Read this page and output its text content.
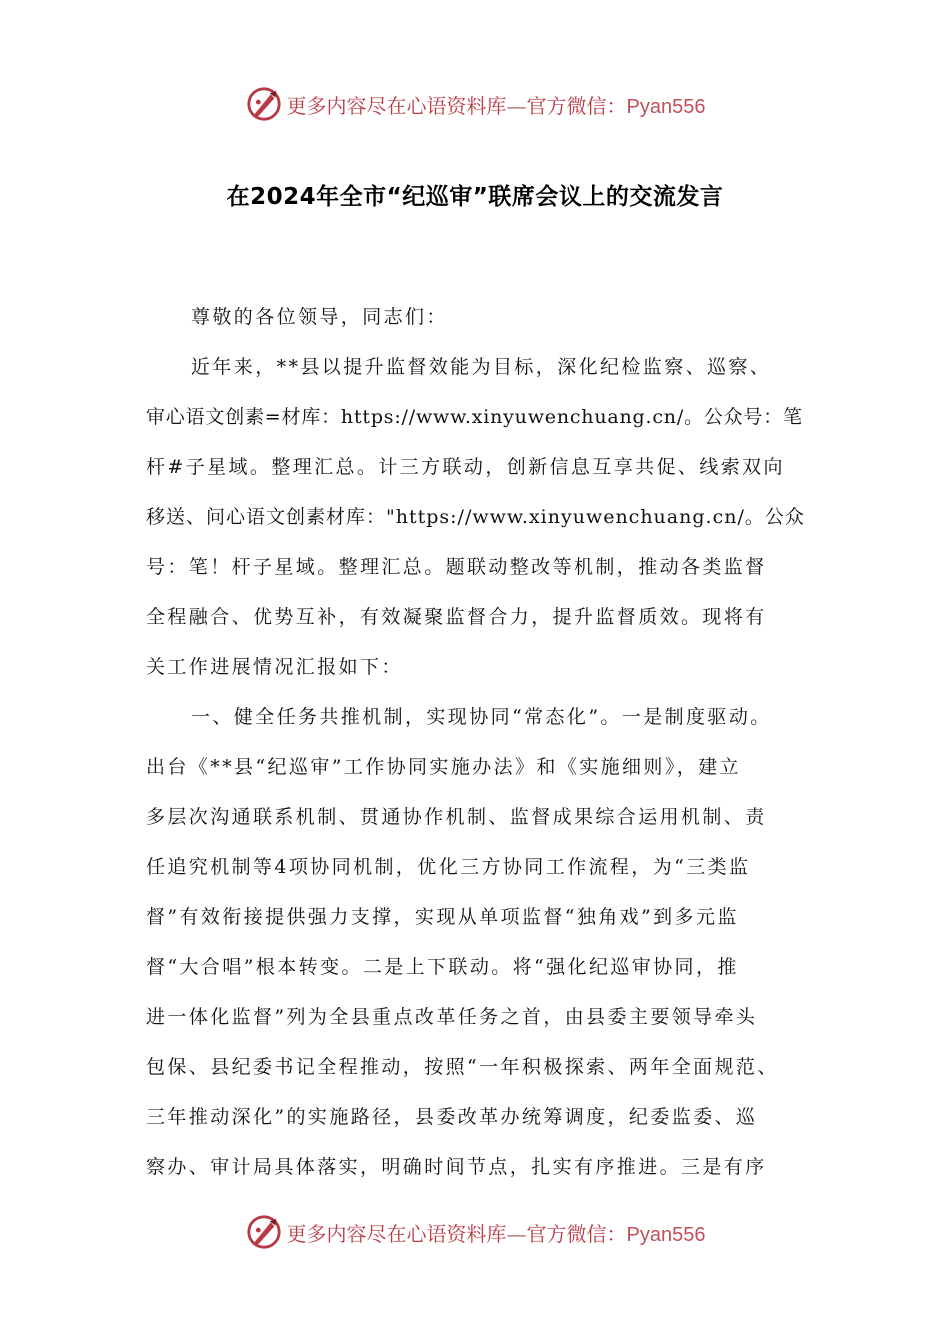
更多内容尽在心语资料库—官方微信：Pyan556
在2024年全市“纪巡审”联席会议上的交流发言

尊敬的各位领导，同志们：

近年来，**县以提升监督效能为目标，深化纪检监察、巡察、
审心语文创素=材库：https://www.xinyuwenchuang.cn/。公众号：笔
杆#子星域。整理汇总。计三方联动，创新信息互享共促、线索双向
移送、问心语文创素材库："https://www.xinyuwenchuang.cn/。公众
号：笔！杆子星域。整理汇总。题联动整改等机制，推动各类监督
全程融合、优势互补，有效凝聚监督合力，提升监督质效。现将有
关工作进展情况汇报如下：

一、健全任务共推机制，实现协同“常态化”。一是制度驱动。
出台《**县“纪巡审”工作协同实施办法》和《实施细则》，建立
多层次沟通联系机制、贯通协作机制、监督成果综合运用机制、责
任追究机制等4项协同机制，优化三方协同工作流程，为“三类监
督”有效衔接提供强力支撑，实现从单项监督“独角戏”到多元监
督“大合唱”根本转变。二是上下联动。将“强化纪巡审协同，推
进一体化监督”列为全县重点改革任务之首，由县委主要领导牵头
包保、县纪委书记全程推动，按照“一年积极探索、两年全面规范、
三年推动深化”的实施路径，县委改革办统筹调度，纪委监委、巡
察办、审计局具体落实，明确时间节点，扎实有序推进。三是有序

更多内容尽在心语资料库—官方微信：Pyan556
